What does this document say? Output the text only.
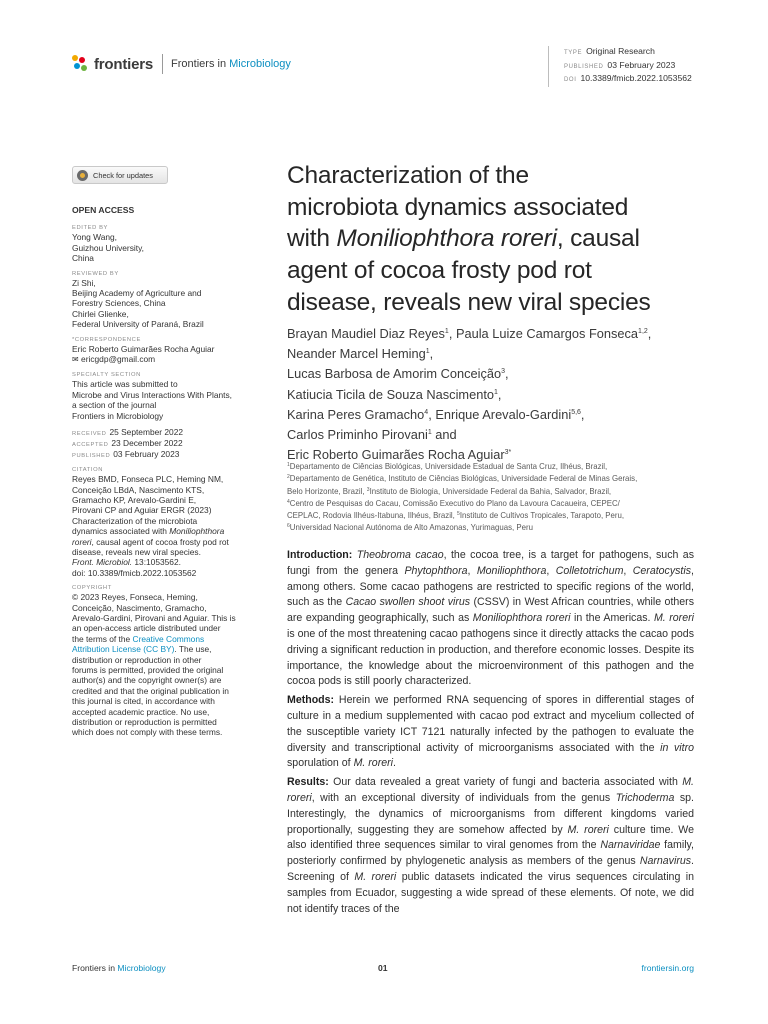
frontiers Frontiers in Microbiology
TYPE Original Research
PUBLISHED 03 February 2023
DOI 10.3389/fmicb.2022.1053562
Check for updates
OPEN ACCESS
EDITED BY
Yong Wang,
Guizhou University,
China
REVIEWED BY
Zi Shi,
Beijing Academy of Agriculture and
Forestry Sciences, China
Chirlei Glienke,
Federal University of Paraná, Brazil
*CORRESPONDENCE
Eric Roberto Guimarães Rocha Aguiar
✉ ericgdp@gmail.com
SPECIALTY SECTION
This article was submitted to
Microbe and Virus Interactions With Plants,
a section of the journal
Frontiers in Microbiology
RECEIVED 25 September 2022
ACCEPTED 23 December 2022
PUBLISHED 03 February 2023
CITATION
Reyes BMD, Fonseca PLC, Heming NM,
Conceição LBdA, Nascimento KTS,
Gramacho KP, Arevalo-Gardini E,
Pirovani CP and Aguiar ERGR (2023)
Characterization of the microbiota
dynamics associated with Moniliophthora
roreri, causal agent of cocoa frosty pod rot
disease, reveals new viral species.
Front. Microbiol. 13:1053562.
doi: 10.3389/fmicb.2022.1053562
COPYRIGHT
© 2023 Reyes, Fonseca, Heming,
Conceição, Nascimento, Gramacho,
Arevalo-Gardini, Pirovani and Aguiar. This is
an open-access article distributed under
the terms of the Creative Commons
Attribution License (CC BY). The use,
distribution or reproduction in other
forums is permitted, provided the original
author(s) and the copyright owner(s) are
credited and that the original publication in
this journal is cited, in accordance with
accepted academic practice. No use,
distribution or reproduction is permitted
which does not comply with these terms.
Characterization of the
microbiota dynamics associated
with Moniliophthora roreri, causal
agent of cocoa frosty pod rot
disease, reveals new viral species
Brayan Maudiel Diaz Reyes$^1$, Paula Luize Camargos Fonseca$^{1,2}$,
Neander Marcel Heming$^1$,
Lucas Barbosa de Amorim Conceição$^3$,
Katiucia Ticila de Souza Nascimento$^1$,
Karina Peres Gramacho$^4$, Enrique Arevalo-Gardini$^{5,6}$,
Carlos Priminho Pirovani$^1$ and
Eric Roberto Guimarães Rocha Aguiar$^{3*}$
$^1$Departamento de Ciências Biológicas, Universidade Estadual de Santa Cruz, Ilhéus, Brazil,
$^2$Departamento de Genética, Instituto de Ciências Biológicas, Universidade Federal de Minas Gerais,
Belo Horizonte, Brazil, $^3$Instituto de Biologia, Universidade Federal da Bahia, Salvador, Brazil,
$^4$Centro de Pesquisas do Cacau, Comissão Executivo do Plano da Lavoura Cacaueira, CEPEC/
CEPLAC, Rodovia Ilhéus-Itabuna, Ilhéus, Brazil, $^5$Instituto de Cultivos Tropicales, Tarapoto, Peru,
$^6$Universidad Nacional Autónoma de Alto Amazonas, Yurimaguas, Peru

Introduction: Theobroma cacao, the cocoa tree, is a target for pathogens, such as fungi from the genera Phytophthora, Moniliophthora, Colletotrichum, Ceratocystis, among others. Some cacao pathogens are restricted to specific regions of the world, such as the Cacao swollen shoot virus (CSSV) in West African countries, while others are expanding geographically, such as Moniliophthora roreri in the Americas. M. roreri is one of the most threatening cacao pathogens since it directly attacks the cacao pods driving a significant reduction in production, and therefore economic losses. Despite its importance, the knowledge about the microenvironment of this pathogen and the cocoa pods is still poorly characterized.

Methods: Herein we performed RNA sequencing of spores in differential stages of culture in a medium supplemented with cacao pod extract and mycelium collected of the susceptible variety ICT 7121 naturally infected by the pathogen to evaluate the diversity and transcriptional activity of microorganisms associated with the in vitro sporulation of M. roreri.

Results: Our data revealed a great variety of fungi and bacteria associated with M. roreri, with an exceptional diversity of individuals from the genus Trichoderma sp. Interestingly, the dynamics of microorganisms from different kingdoms varied proportionally, suggesting they are somehow affected by M. roreri culture time. We also identified three sequences similar to viral genomes from the Narnaviridae family, posteriorly confirmed by phylogenetic analysis as members of the genus Narnavirus. Screening of M. roreri public datasets indicated the virus sequences circulating in samples from Ecuador, suggesting a wide spread of these elements. Of note, we did not identify traces of the

Frontiers in Microbiology	01	frontiersin.org
